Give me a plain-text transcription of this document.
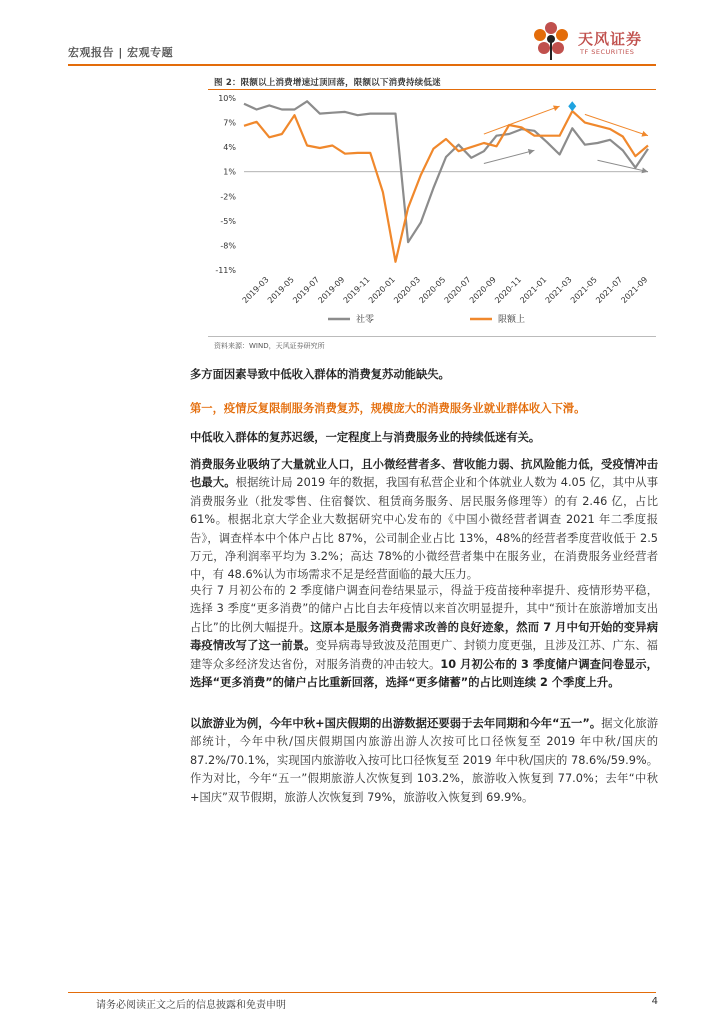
宏观报告 | 宏观专题
天风证券
TF SECURITIES
图 2：限额以上消费增速过顶回落，限额以下消费持续低迷
10%
7%
4%
1%
-2%
-5%
-8%
-11%
2019-03
2019-05
2019-07
2019-09
2019-11
2020-01
2020-03
2020-05
2020-07
2020-09
2020-11
2021-01
2021-03
2021-05
2021-07
2021-09
社零	限额上
资料来源：WIND，天风证券研究所
多方面因素导致中低收入群体的消费复苏动能缺失。
第一，疫情反复限制服务消费复苏，规模庞大的消费服务业就业群体收入下滑。
中低收入群体的复苏迟缓，一定程度上与消费服务业的持续低迷有关。
消费服务业吸纳了大量就业人口，且小微经营者多、营收能力弱、抗风险能力低，受疫情冲击也最大。根据统计局 2019 年的数据，我国有私营企业和个体就业人数为 4.05 亿，其中从事消费服务业（批发零售、住宿餐饮、租赁商务服务、居民服务修理等）的有 2.46 亿，占比 61%。根据北京大学企业大数据研究中心发布的《中国小微经营者调查 2021 年二季度报告》，调查样本中个体户占比 87%，公司制企业占比 13%，48%的经营者季度营收低于 2.5 万元，净利润率平均为 3.2%；高达 78%的小微经营者集中在服务业，在消费服务业经营者中，有 48.6%认为市场需求不足是经营面临的最大压力。
央行 7 月初公布的 2 季度储户调查问卷结果显示，得益于疫苗接种率提升、疫情形势平稳，选择 3 季度“更多消费”的储户占比自去年疫情以来首次明显提升，其中“预计在旅游增加支出占比”的比例大幅提升。这原本是服务消费需求改善的良好迹象，然而 7 月中旬开始的变异病毒疫情改写了这一前景。变异病毒导致波及范围更广、封锁力度更强，且涉及江苏、广东、福建等众多经济发达省份，对服务消费的冲击较大。10 月初公布的 3 季度储户调查问卷显示，选择“更多消费”的储户占比重新回落，选择“更多储蓄”的占比则连续 2 个季度上升。
以旅游业为例，今年中秋+国庆假期的出游数据还要弱于去年同期和今年“五一”。据文化旅游部统计，今年中秋/国庆假期国内旅游出游人次按可比口径恢复至 2019 年中秋/国庆的 87.2%/70.1%，实现国内旅游收入按可比口径恢复至 2019 年中秋/国庆的 78.6%/59.9%。作为对比，今年“五一”假期旅游人次恢复到 103.2%，旅游收入恢复到 77.0%；去年“中秋+国庆”双节假期，旅游人次恢复到 79%，旅游收入恢复到 69.9%。
请务必阅读正文之后的信息披露和免责申明	4
